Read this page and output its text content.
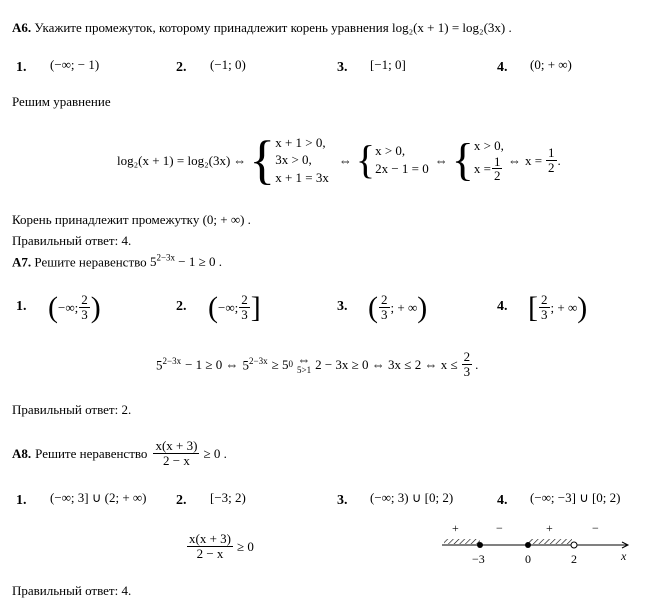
А6. Укажите промежуток, которому принадлежит корень уравнения log₂(x + 1) = log₂(3x) .
1. (−∞; − 1)	2. (−1; 0)	3. [−1; 0]	4. (0; + ∞)
Решим уравнение
log₂(x + 1) = log₂(3x) ⇔ { x + 1 > 0,
3x > 0,
x + 1 = 3x
⇔ { x > 0,
2x − 1 = 0
⇔ { x > 0,
$x = \frac{1}{2}$ ⇔ $x = \frac{1}{2}$ .
Корень принадлежит промежутку (0; + ∞) .
Правильный ответ: 4.
А7. Решите неравенство $5^{2-3x} - 1 \ge 0$ .
1. ( −∞; $\frac{2}{3}$ )	2. ( −∞; $\frac{2}{3}$ ]	3. ( $\frac{2}{3}$ ; + ∞ )	4. [ $\frac{2}{3}$ ; + ∞ )
$5^{2-3x} - 1 \ge 0$ ⇔ $5^{2-3x} \ge 5$ 0 ⇔
5>1 2 − 3x ≥ 0 ⇔ 3x ≤ 2 ⇔ $x \le \frac{2}{3}$ .
Правильный ответ: 2.
А8. Решите неравенство $\frac{x(x + 3)}{2 - x} \ge 0$ .
1. (−∞; 3] ∪ (2; + ∞) 2. [−3; 2)	3. (−∞; 3) ∪ [0; 2)	4. (−∞; −3] ∪ [0; 2)
$\frac{x(x + 3)}{2 - x} \ge 0$
+	−	+	−
−3	0	2	x
Правильный ответ: 4.
